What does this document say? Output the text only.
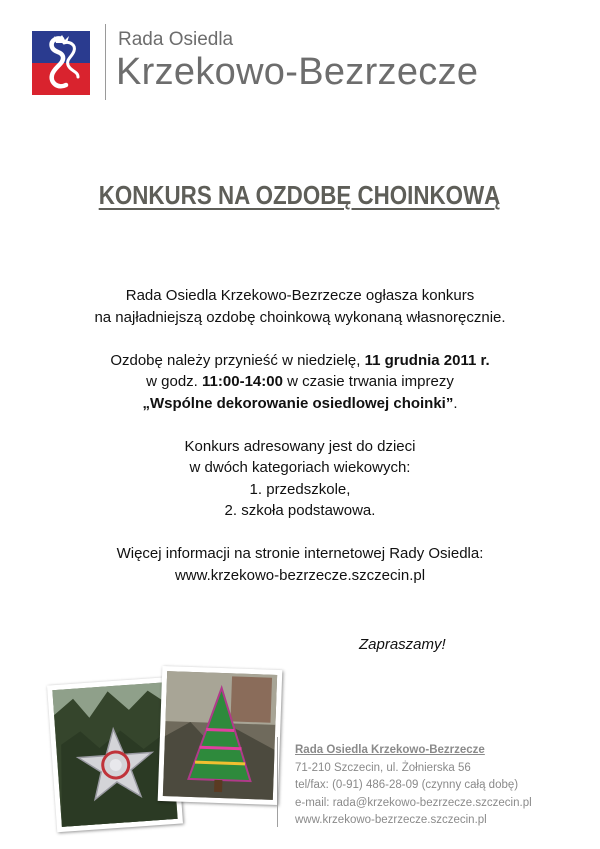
Rada Osiedla
Krzekowo-Bezrzecze
KONKURS NA OZDOBĘ CHOINKOWĄ

Rada Osiedla Krzekowo-Bezrzecze ogłasza konkurs
na najładniejszą ozdobę choinkową wykonaną własnoręcznie.

Ozdobę należy przynieść w niedzielę, 11 grudnia 2011 r.
w godz. 11:00-14:00 w czasie trwania imprezy
„Wspólne dekorowanie osiedlowej choinki”.

Konkurs adresowany jest do dzieci
w dwóch kategoriach wiekowych:
1. przedszkole,
2. szkoła podstawowa.

Więcej informacji na stronie internetowej Rady Osiedla:
www.krzekowo-bezrzecze.szczecin.pl

Zapraszamy!
Rada Osiedla Krzekowo-Bezrzecze
71-210 Szczecin, ul. Żołnierska 56
tel/fax: (0-91) 486-28-09 (czynny całą dobę)
e-mail: rada@krzekowo-bezrzecze.szczecin.pl
www.krzekowo-bezrzecze.szczecin.pl
